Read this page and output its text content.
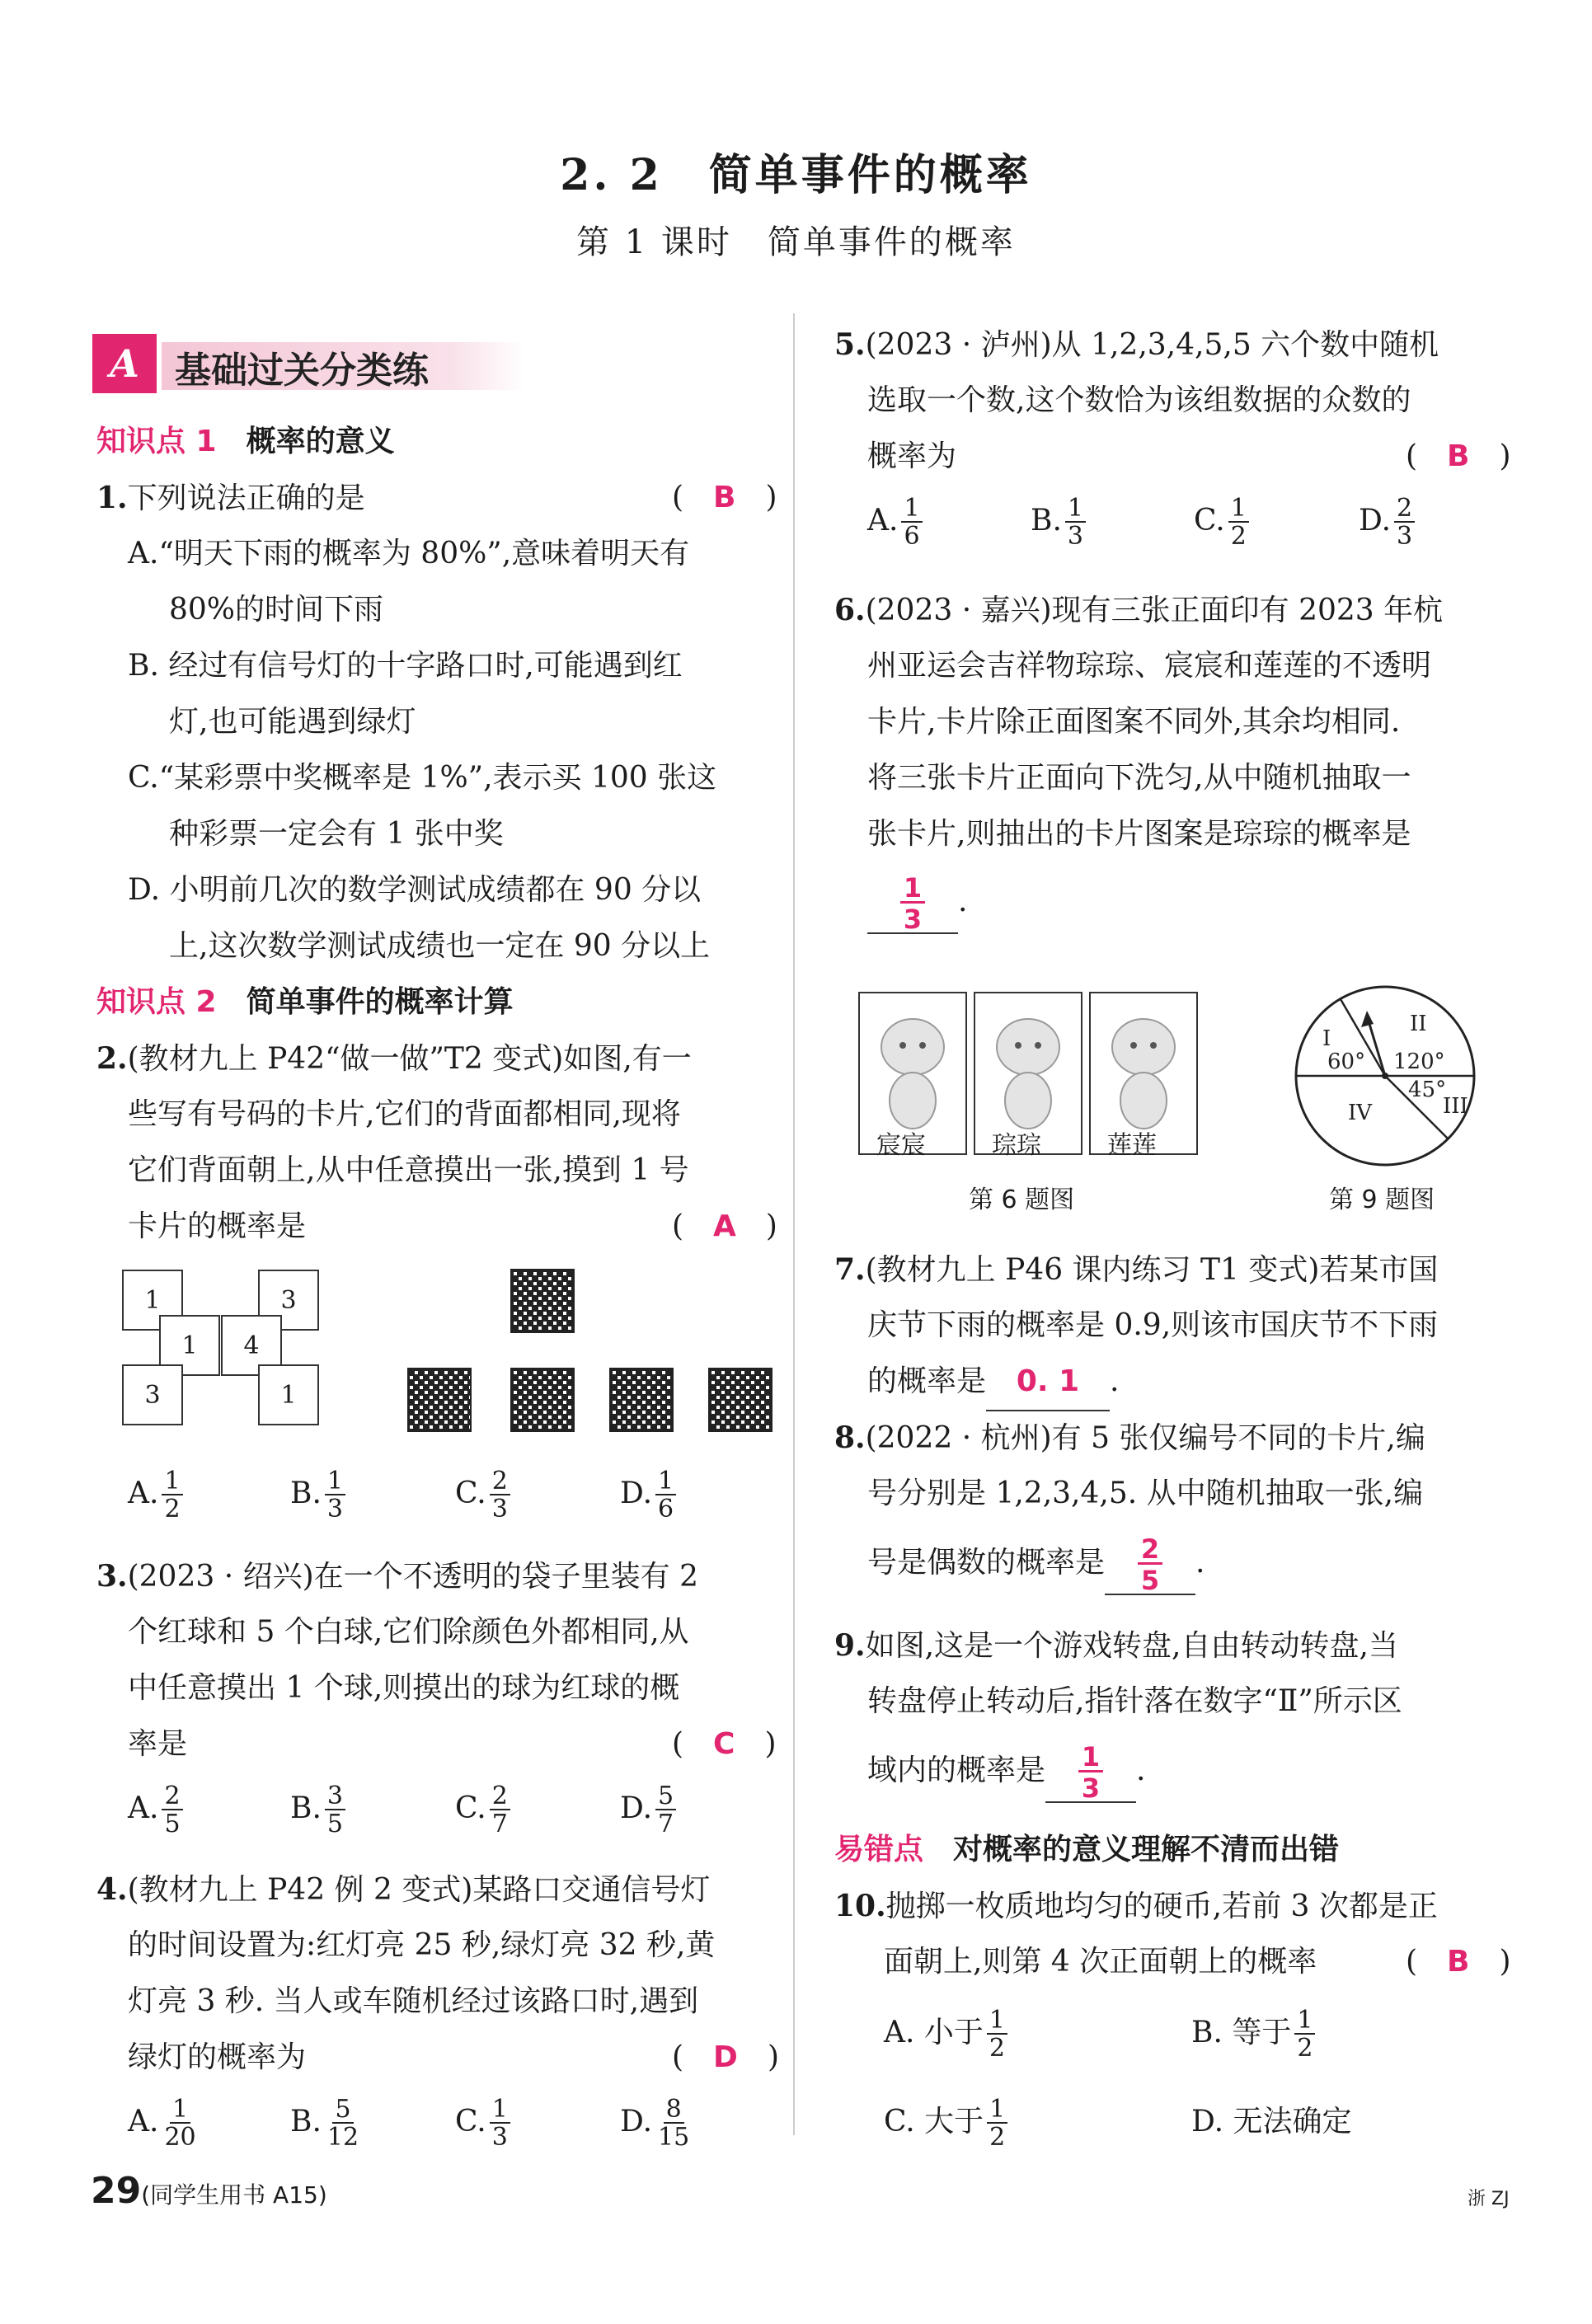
2. 2　 简单事件的概率
第 1 课时　简单事件的概率
A 基础过关分类练
知识点 1　 概率的意义
1.下列说法正确的是	(　B　)
A.“明天下雨的概率为 80%”,意味着明天有
80%的时间下雨
B. 经过有信号灯的十字路口时,可能遇到红
灯,也可能遇到绿灯
C.“某彩票中奖概率是 1%”,表示买 100 张这
种彩票一定会有 1 张中奖
D. 小明前几次的数学测试成绩都在 90 分以
上,这次数学测试成绩也一定在 90 分以上
知识点 2　 简单事件的概率计算
2.(教材九上 P42“做一做”T2 变式)如图,有一
些写有号码的卡片,它们的背面都相同,现将
它们背面朝上,从中任意摸出一张,摸到 1 号
卡片的概率是	(　A　)
1
1
3
3
4
1
A. $\frac{1}{2}$	B. $\frac{1}{3}$	C. $\frac{2}{3}$	D. $\frac{1}{6}$
3.(2023 · 绍兴)在一个不透明的袋子里装有 2
个红球和 5 个白球,它们除颜色外都相同,从
中任意摸出 1 个球,则摸出的球为红球的概
率是	(　C　)
A. $\frac{2}{5}$	B. $\frac{3}{5}$	C. $\frac{2}{7}$	D. $\frac{5}{7}$
4.(教材九上 P42 例 2 变式)某路口交通信号灯
的时间设置为:红灯亮 25 秒,绿灯亮 32 秒,黄
灯亮 3 秒. 当人或车随机经过该路口时,遇到
绿灯的概率为	(　D　)
A. $\frac{1}{20}$	B. $\frac{5}{12}$	C. $\frac{1}{3}$	D. $\frac{8}{15}$
5.(2023 · 泸州)从 1,2,3,4,5,5 六个数中随机
选取一个数,这个数恰为该组数据的众数的
概率为	(　B　)
A. $\frac{1}{6}$	B. $\frac{1}{3}$	C. $\frac{1}{2}$	D. $\frac{2}{3}$
6.(2023 · 嘉兴)现有三张正面印有 2023 年杭
州亚运会吉祥物琮琮、宸宸和莲莲的不透明
卡片,卡片除正面图案不同外,其余均相同.
将三张卡片正面向下洗匀,从中随机抽取一
张卡片,则抽出的卡片图案是琮琮的概率是
$\frac{1}{3}$ .
宸宸	琮琮	莲莲
第 6 题图
I
II
III
IV
60° 120°
45°
第 9 题图
7.(教材九上 P46 课内练习 T1 变式)若某市国
庆节下雨的概率是 0.9,则该市国庆节不下雨
的概率是 0. 1 .
8.(2022 · 杭州)有 5 张仅编号不同的卡片,编
号分别是 1,2,3,4,5. 从中随机抽取一张,编
号是偶数的概率是 $\frac{2}{5}$ .
9.如图,这是一个游戏转盘,自由转动转盘,当
转盘停止转动后,指针落在数字“Ⅱ”所示区
域内的概率是 $\frac{1}{3}$ .
易错点　 对概率的意义理解不清而出错
10.抛掷一枚质地均匀的硬币,若前 3 次都是正
面朝上,则第 4 次正面朝上的概率	(　B　)
A. 小于 $\frac{1}{2}$	B. 等于 $\frac{1}{2}$
C. 大于 $\frac{1}{2}$	D. 无法确定
29(同学生用书 A15)	浙 ZJ
